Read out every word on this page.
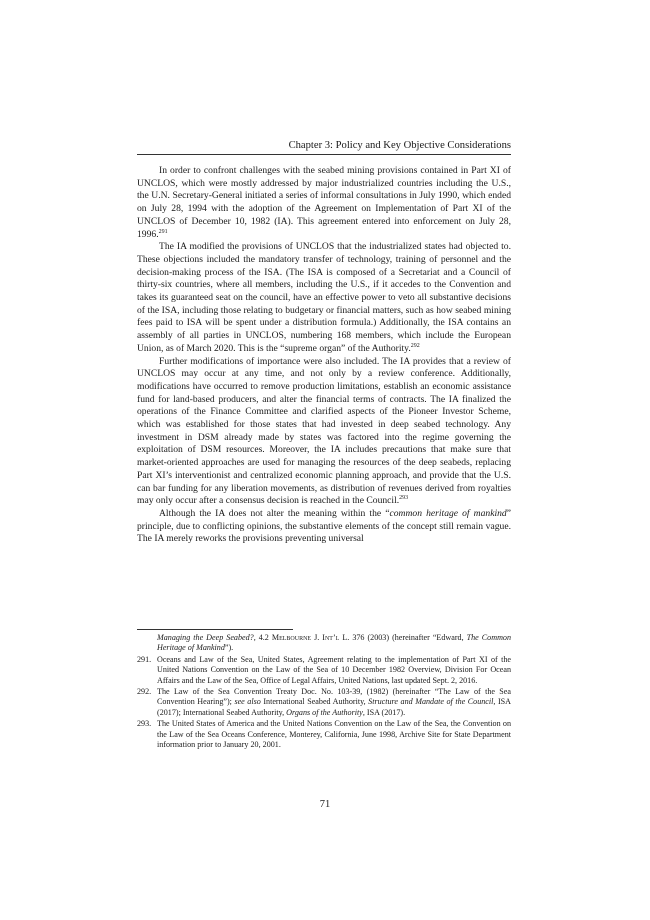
Chapter 3: Policy and Key Objective Considerations

In order to confront challenges with the seabed mining provisions contained in Part XI of UNCLOS, which were mostly addressed by major industrialized countries including the U.S., the U.N. Secretary-General initiated a series of informal consultations in July 1990, which ended on July 28, 1994 with the adoption of the Agreement on Implementation of Part XI of the UNCLOS of December 10, 1982 (IA). This agreement entered into enforcement on July 28, 1996.$^{291}$

The IA modified the provisions of UNCLOS that the industrialized states had objected to. These objections included the mandatory transfer of technology, training of personnel and the decision-making process of the ISA. (The ISA is composed of a Secretariat and a Council of thirty-six countries, where all members, including the U.S., if it accedes to the Convention and takes its guaranteed seat on the council, have an effective power to veto all substantive decisions of the ISA, including those relating to budgetary or financial matters, such as how seabed mining fees paid to ISA will be spent under a distribution formula.) Additionally, the ISA contains an assembly of all parties in UNCLOS, numbering 168 members, which include the European Union, as of March 2020. This is the “supreme organ” of the Authority.$^{292}$

Further modifications of importance were also included. The IA provides that a review of UNCLOS may occur at any time, and not only by a review conference. Additionally, modifications have occurred to remove production limitations, establish an economic assistance fund for land-based producers, and alter the financial terms of contracts. The IA finalized the operations of the Finance Committee and clarified aspects of the Pioneer Investor Scheme, which was established for those states that had invested in deep seabed technology. Any investment in DSM already made by states was factored into the regime governing the exploitation of DSM resources. Moreover, the IA includes precautions that make sure that market-oriented approaches are used for managing the resources of the deep seabeds, replacing Part XI’s interventionist and centralized economic planning approach, and provide that the U.S. can bar funding for any liberation movements, as distribution of revenues derived from royalties may only occur after a consensus decision is reached in the Council.$^{293}$

Although the IA does not alter the meaning within the “common heritage of mankind” principle, due to conflicting opinions, the substantive elements of the concept still remain vague. The IA merely reworks the provisions preventing universal

Managing the Deep Seabed?, 4.2 Melbourne J. Int’l L. 376 (2003) (hereinafter “Edward, The Common Heritage of Mankind”).
291. Oceans and Law of the Sea, United States, Agreement relating to the implementation of Part XI of the United Nations Convention on the Law of the Sea of 10 December 1982 Overview, Division For Ocean Affairs and the Law of the Sea, Office of Legal Affairs, United Nations, last updated Sept. 2, 2016.
292. The Law of the Sea Convention Treaty Doc. No. 103-39, (1982) (hereinafter “The Law of the Sea Convention Hearing”); see also International Seabed Authority, Structure and Mandate of the Council, ISA (2017); International Seabed Authority, Organs of the Authority, ISA (2017).
293. The United States of America and the United Nations Convention on the Law of the Sea, the Convention on the Law of the Sea Oceans Conference, Monterey, California, June 1998, Archive Site for State Department information prior to January 20, 2001.
71
